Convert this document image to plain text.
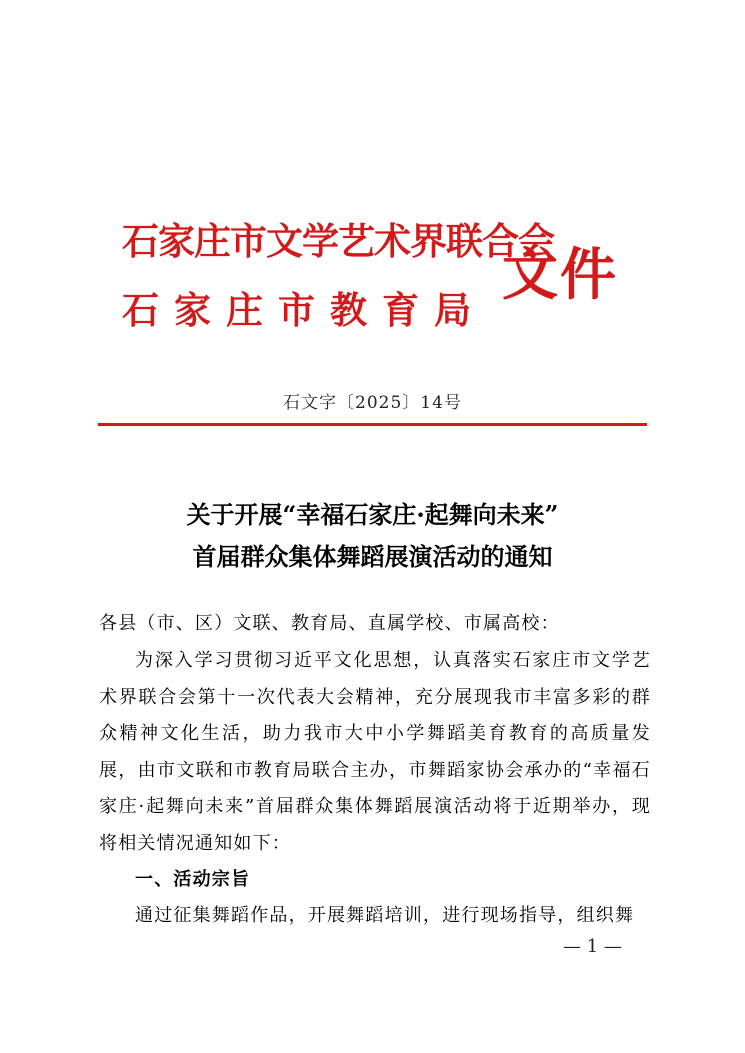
石家庄市文学艺术界联合会
石家庄市教育局
文件
石文字〔2025〕14号
关于开展“幸福石家庄·起舞向未来”
首届群众集体舞蹈展演活动的通知
各县（市、区）文联、教育局、直属学校、市属高校：
为深入学习贯彻习近平文化思想，认真落实石家庄市文学艺术界联合会第十一次代表大会精神，充分展现我市丰富多彩的群众精神文化生活，助力我市大中小学舞蹈美育教育的高质量发展，由市文联和市教育局联合主办，市舞蹈家协会承办的“幸福石家庄·起舞向未来”首届群众集体舞蹈展演活动将于近期举办，现将相关情况通知如下：
一、活动宗旨
通过征集舞蹈作品，开展舞蹈培训，进行现场指导，组织舞
— 1 —
